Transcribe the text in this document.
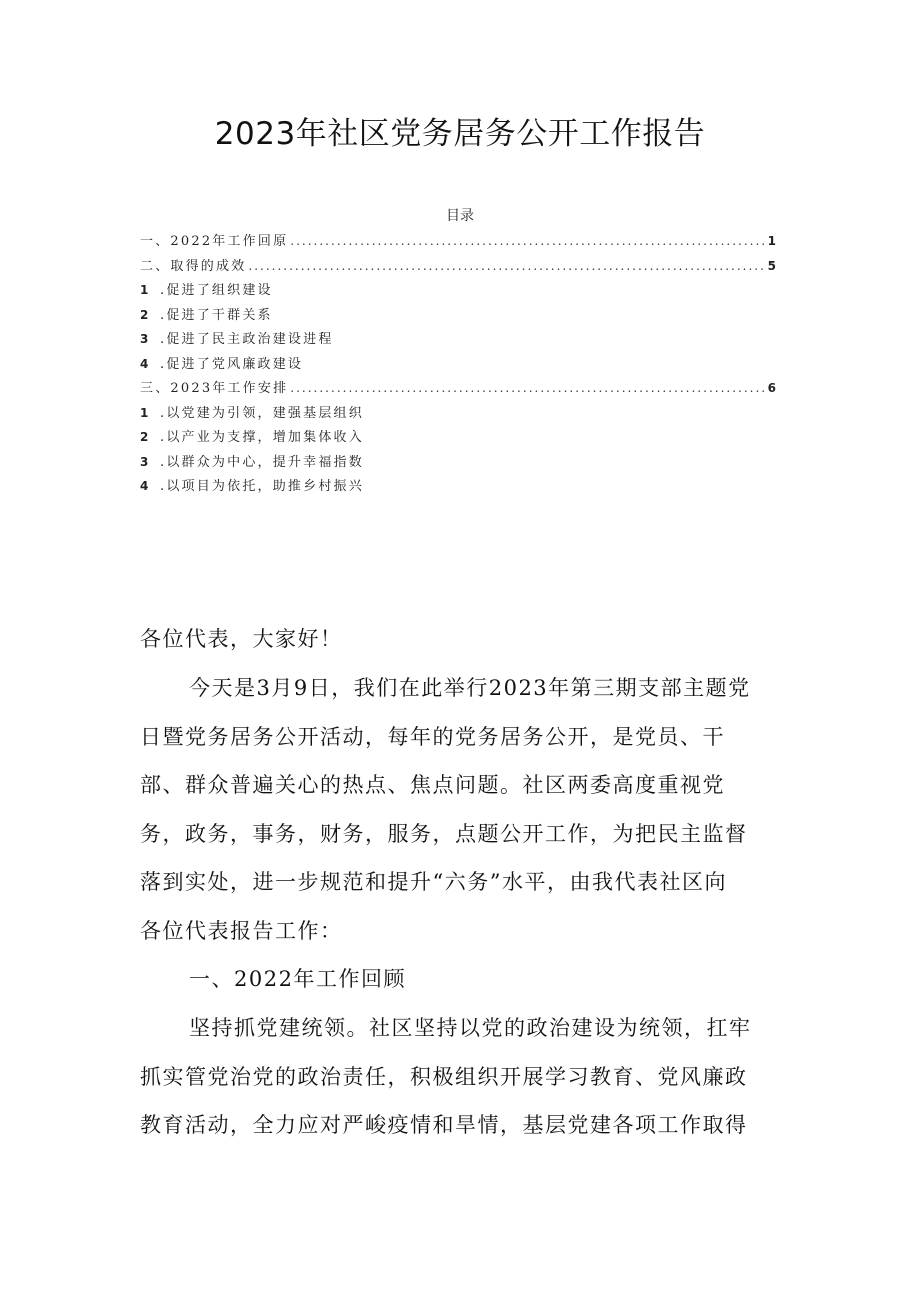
2023年社区党务居务公开工作报告
目录
一、2022年工作回原 .....	1
二、取得的成效 .....	5
1 .促进了组织建设
2 .促进了干群关系
3 .促进了民主政治建设进程
4 .促进了党风廉政建设
三、2023年工作安排 .....	6
1 .以党建为引领，建强基层组织
2 .以产业为支撑，增加集体收入
3 .以群众为中心，提升幸福指数
4 .以项目为依托，助推乡村振兴
各位代表，大家好！
今天是3月9日，我们在此举行2023年第三期支部主题党
日暨党务居务公开活动，每年的党务居务公开，是党员、干
部、群众普遍关心的热点、焦点问题。社区两委高度重视党
务，政务，事务，财务，服务，点题公开工作，为把民主监督
落到实处，进一步规范和提升“六务”水平，由我代表社区向
各位代表报告工作：
一、2022年工作回顾
坚持抓党建统领。社区坚持以党的政治建设为统领，扛牢
抓实管党治党的政治责任，积极组织开展学习教育、党风廉政
教育活动，全力应对严峻疫情和旱情，基层党建各项工作取得
